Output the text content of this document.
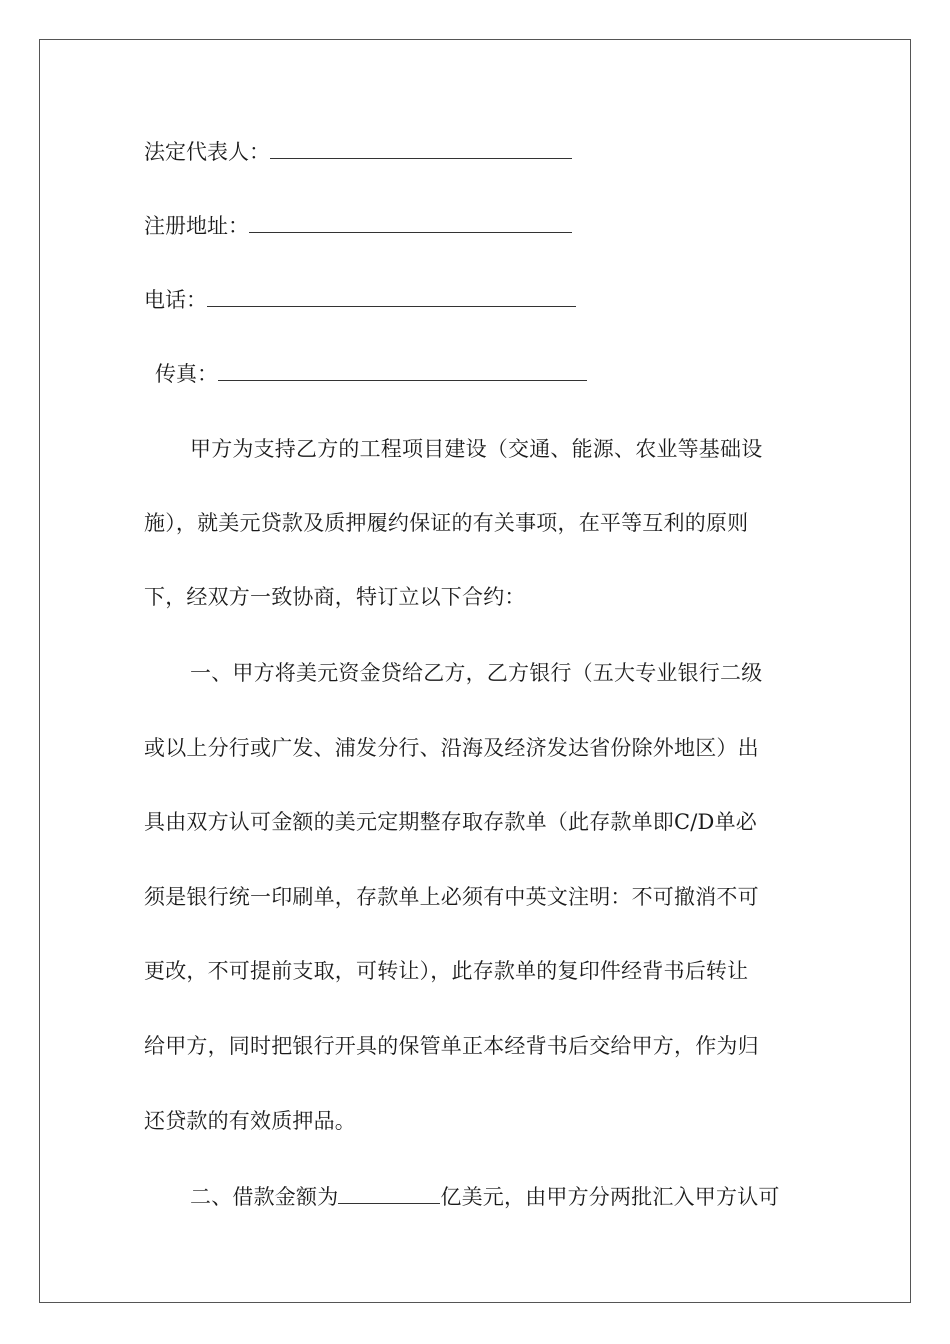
法定代表人：
注册地址：
电话：
传真：
甲方为支持乙方的工程项目建设（交通、能源、农业等基础设
施），就美元贷款及质押履约保证的有关事项，在平等互利的原则
下，经双方一致协商，特订立以下合约：
一、甲方将美元资金贷给乙方，乙方银行（五大专业银行二级
或以上分行或广发、浦发分行、沿海及经济发达省份除外地区）出
具由双方认可金额的美元定期整存取存款单（此存款单即C/D单必
须是银行统一印刷单，存款单上必须有中英文注明：不可撤消不可
更改，不可提前支取，可转让），此存款单的复印件经背书后转让
给甲方，同时把银行开具的保管单正本经背书后交给甲方，作为归
还贷款的有效质押品。
二、借款金额为	亿美元，由甲方分两批汇入甲方认可
